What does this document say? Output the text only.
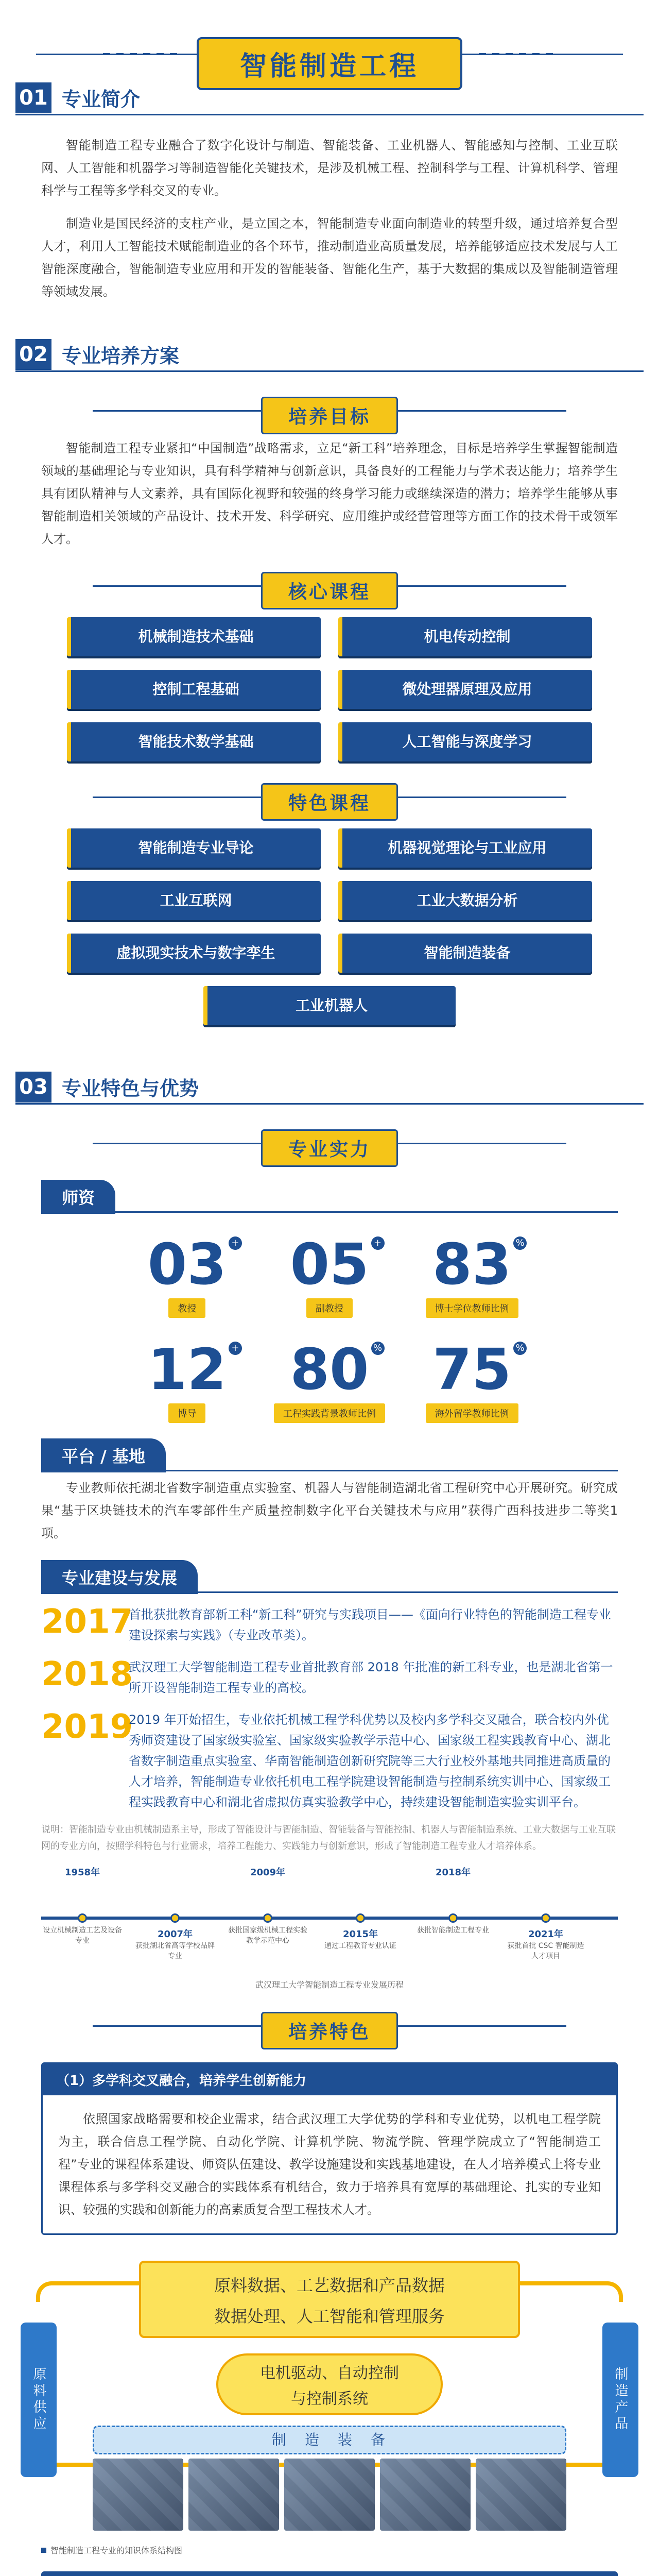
智能制造工程
01 专业简介

智能制造工程专业融合了数字化设计与制造、智能装备、工业机器人、智能感知与控制、工业互联网、人工智能和机器学习等制造智能化关键技术，是涉及机械工程、控制科学与工程、计算机科学、管理科学与工程等多学科交叉的专业。

制造业是国民经济的支柱产业，是立国之本，智能制造专业面向制造业的转型升级，通过培养复合型人才，利用人工智能技术赋能制造业的各个环节，推动制造业高质量发展，培养能够适应技术发展与人工智能深度融合，智能制造专业应用和开发的智能装备、智能化生产，基于大数据的集成以及智能制造管理等领域发展。

02 专业培养方案
培养目标

智能制造工程专业紧扣“中国制造”战略需求，立足“新工科”培养理念，目标是培养学生掌握智能制造领域的基础理论与专业知识，具有科学精神与创新意识，具备良好的工程能力与学术表达能力；培养学生具有团队精神与人文素养，具有国际化视野和较强的终身学习能力或继续深造的潜力；培养学生能够从事智能制造相关领域的产品设计、技术开发、科学研究、应用维护或经营管理等方面工作的技术骨干或领军人才。

核心课程
机械制造技术基础	机电传动控制
控制工程基础	微处理器原理及应用
智能技术数学基础	人工智能与深度学习
特色课程
智能制造专业导论	机器视觉理论与工业应用
工业互联网	工业大数据分析
虚拟现实技术与数字孪生	智能制造装备
工业机器人
03 专业特色与优势
专业实力
师资
03 +
教授
05 +
副教授
83 %
博士学位教师比例
12 +
博导
80 %
工程实践背景教师比例
75 %
海外留学教师比例
平台 / 基地

专业教师依托湖北省数字制造重点实验室、机器人与智能制造湖北省工程研究中心开展研究。研究成果“基于区块链技术的汽车零部件生产质量控制数字化平台关键技术与应用”获得广西科技进步二等奖1项。

专业建设与发展
2017
首批获批教育部新工科“新工科”研究与实践项目——《面向行业特色的智能制造工程专业建设探索与实践》（专业改革类）。
2018
武汉理工大学智能制造工程专业首批教育部 2018 年批准的新工科专业，也是湖北省第一所开设智能制造工程专业的高校。
2019
2019 年开始招生，专业依托机械工程学科优势以及校内多学科交叉融合，联合校内外优秀师资建设了国家级实验室、国家级实验教学示范中心、国家级工程实践教育中心、湖北省数字制造重点实验室、华南智能制造创新研究院等三大行业校外基地共同推进高质量的人才培养，智能制造专业依托机电工程学院建设智能制造与控制系统实训中心、国家级工程实践教育中心和湖北省虚拟仿真实验教学中心，持续建设智能制造实验实训平台。

说明：智能制造专业由机械制造系主导，形成了智能设计与智能制造、智能装备与智能控制、机器人与智能制造系统、工业大数据与工业互联网的专业方向，按照学科特色与行业需求，培养工程能力、实践能力与创新意识，形成了智能制造工程专业人才培养体系。

1958年
设立机械制造工艺及设备专业
2007年
获批湖北省高等学校品牌专业
2009年
获批国家级机械工程实验教学示范中心
2015年
通过工程教育专业认证
2018年
获批智能制造工程专业	2021年
获批首批 CSC 智能制造人才项目
武汉理工大学智能制造工程专业发展历程
培养特色
（1）多学科交叉融合，培养学生创新能力

依照国家战略需要和校企业需求，结合武汉理工大学优势的学科和专业优势，以机电工程学院为主，联合信息工程学院、自动化学院、计算机学院、物流学院、管理学院成立了“智能制造工程”专业的课程体系建设、师资队伍建设、教学设施建设和实践基地建设，在人才培养模式上将专业课程体系与多学科交叉融合的实践体系有机结合，致力于培养具有宽厚的基础理论、扎实的专业知识、较强的实践和创新能力的高素质复合型工程技术人才。

原料数据、工艺数据和产品数据
数据处理、人工智能和管理服务
电机驱动、自动控制
与控制系统
制　造　装　备
原料供应	制造产品
智能制造工程专业的知识体系结构图
